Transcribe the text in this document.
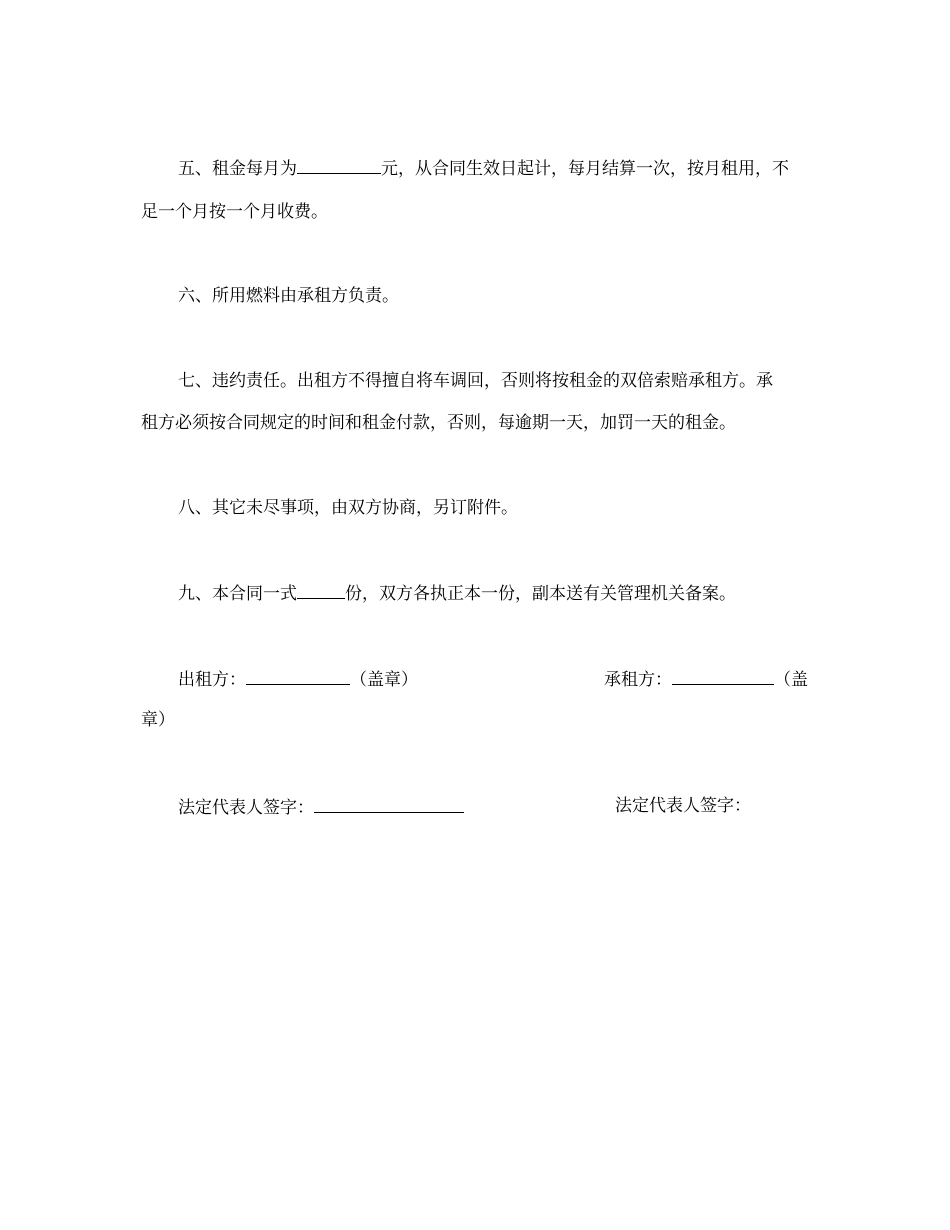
五、租金每月为	元，从合同生效日起计，每月结算一次，按月租用，不
足一个月按一个月收费。
六、所用燃料由承租方负责。
七、违约责任。出租方不得擅自将车调回，否则将按租金的双倍索赔承租方。承
租方必须按合同规定的时间和租金付款，否则，每逾期一天，加罚一天的租金。
八、其它未尽事项，由双方协商，另订附件。
九、本合同一式	份，双方各执正本一份，副本送有关管理机关备案。
出租方：	（盖章）	承租方：	（盖
章）
法定代表人签字：	法定代表人签字：
